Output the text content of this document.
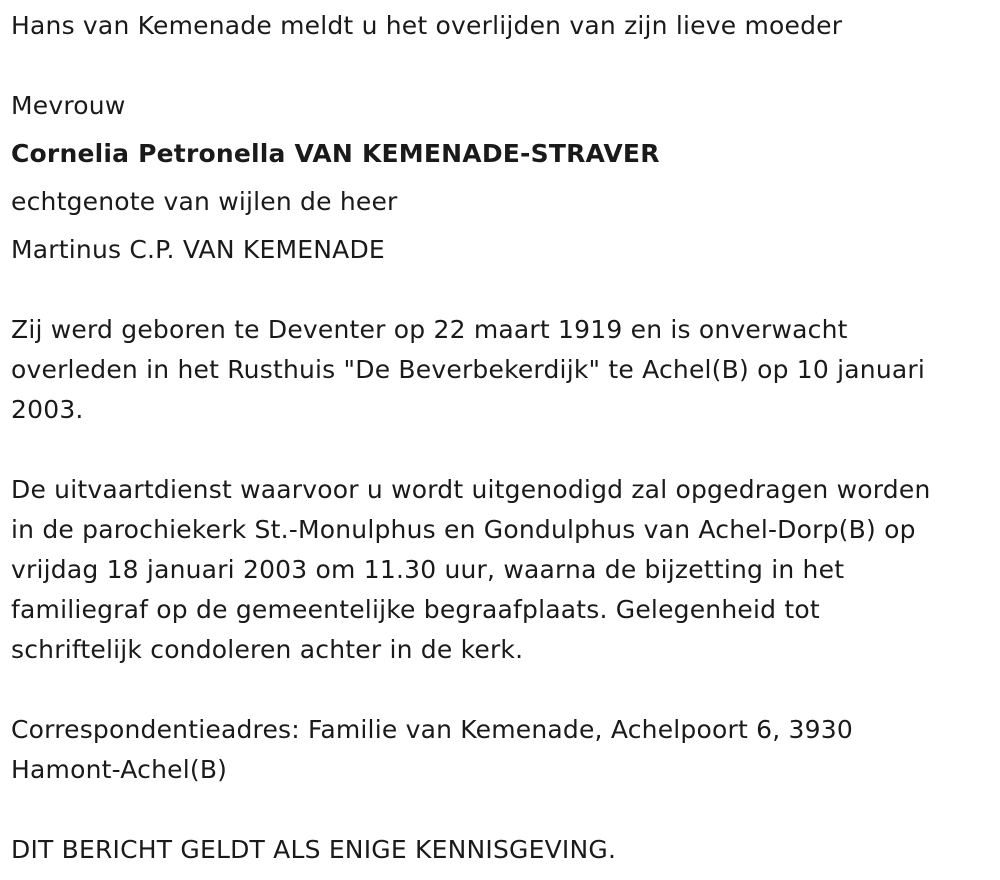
Hans van Kemenade meldt u het overlijden van zijn lieve moeder
Mevrouw
Cornelia Petronella VAN KEMENADE-STRAVER
echtgenote van wijlen de heer
Martinus C.P. VAN KEMENADE
Zij werd geboren te Deventer op 22 maart 1919 en is onverwacht
overleden in het Rusthuis "De Beverbekerdijk" te Achel(B) op 10 januari
2003.
De uitvaartdienst waarvoor u wordt uitgenodigd zal opgedragen worden
in de parochiekerk St.-Monulphus en Gondulphus van Achel-Dorp(B) op
vrijdag 18 januari 2003 om 11.30 uur, waarna de bijzetting in het
familiegraf op de gemeentelijke begraafplaats. Gelegenheid tot
schriftelijk condoleren achter in de kerk.
Correspondentieadres: Familie van Kemenade, Achelpoort 6, 3930
Hamont-Achel(B)
DIT BERICHT GELDT ALS ENIGE KENNISGEVING.
